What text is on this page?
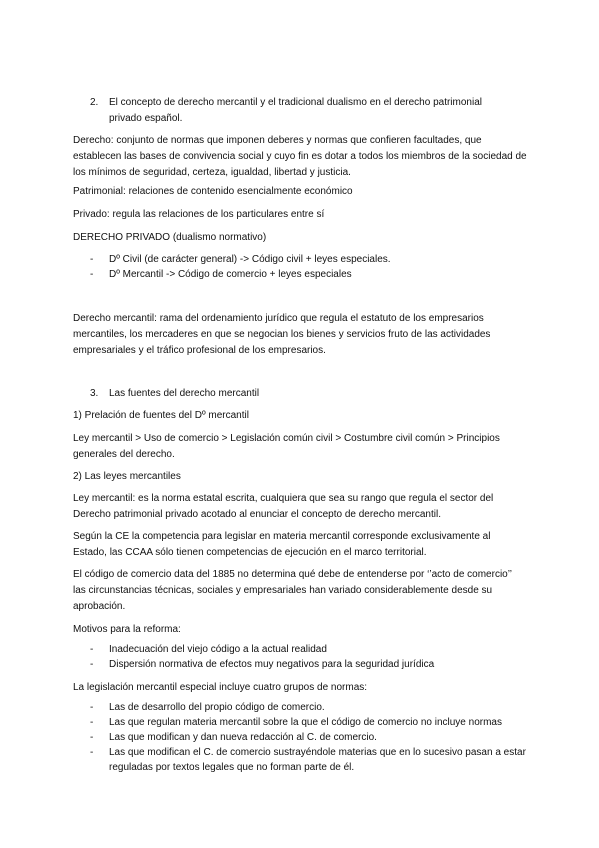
2. El concepto de derecho mercantil y el tradicional dualismo en el derecho patrimonial
privado español.
Derecho: conjunto de normas que imponen deberes y normas que confieren facultades, que
establecen las bases de convivencia social y cuyo fin es dotar a todos los miembros de la sociedad de
los mínimos de seguridad, certeza, igualdad, libertad y justicia.
Patrimonial: relaciones de contenido esencialmente económico
Privado: regula las relaciones de los particulares entre sí
DERECHO PRIVADO (dualismo normativo)
- Dº Civil (de carácter general) -> Código civil + leyes especiales.
- Dº Mercantil -> Código de comercio + leyes especiales
Derecho mercantil: rama del ordenamiento jurídico que regula el estatuto de los empresarios
mercantiles, los mercaderes en que se negocian los bienes y servicios fruto de las actividades
empresariales y el tráfico profesional de los empresarios.
3. Las fuentes del derecho mercantil
1) Prelación de fuentes del Dº mercantil
Ley mercantil > Uso de comercio > Legislación común civil > Costumbre civil común > Principios
generales del derecho.
2) Las leyes mercantiles
Ley mercantil: es la norma estatal escrita, cualquiera que sea su rango que regula el sector del
Derecho patrimonial privado acotado al enunciar el concepto de derecho mercantil.
Según la CE la competencia para legislar en materia mercantil corresponde exclusivamente al
Estado, las CCAA sólo tienen competencias de ejecución en el marco territorial.
El código de comercio data del 1885 no determina qué debe de entenderse por ‘’acto de comercio’’
las circunstancias técnicas, sociales y empresariales han variado considerablemente desde su
aprobación.
Motivos para la reforma:
- Inadecuación del viejo código a la actual realidad
- Dispersión normativa de efectos muy negativos para la seguridad jurídica
La legislación mercantil especial incluye cuatro grupos de normas:
- Las de desarrollo del propio código de comercio.
- Las que regulan materia mercantil sobre la que el código de comercio no incluye normas
- Las que modifican y dan nueva redacción al C. de comercio.
- Las que modifican el C. de comercio sustrayéndole materias que en lo sucesivo pasan a estar
reguladas por textos legales que no forman parte de él.
